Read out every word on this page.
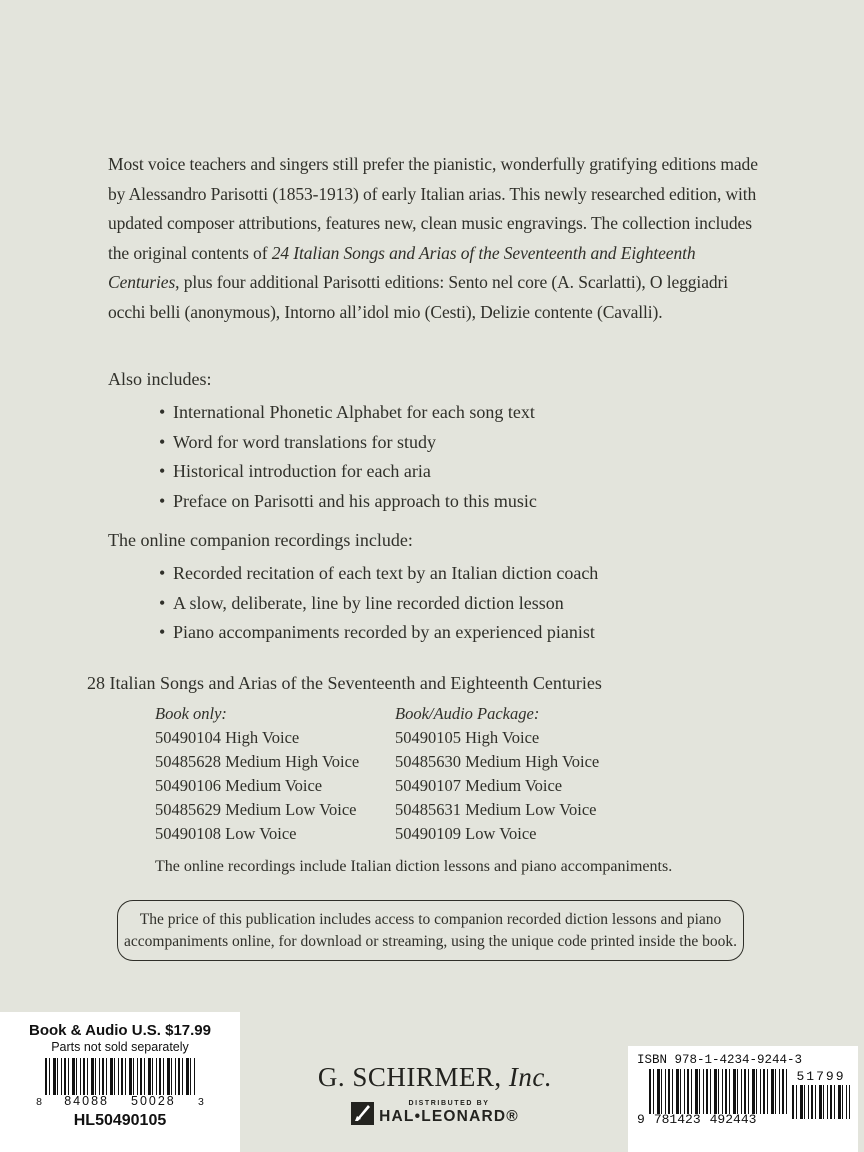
Most voice teachers and singers still prefer the pianistic, wonderfully gratifying editions made by Alessandro Parisotti (1853-1913) of early Italian arias. This newly researched edition, with updated composer attributions, features new, clean music engravings. The collection includes the original contents of 24 Italian Songs and Arias of the Seventeenth and Eighteenth Centuries, plus four additional Parisotti editions: Sento nel core (A. Scarlatti), O leggiadri occhi belli (anonymous), Intorno all’idol mio (Cesti), Delizie contente (Cavalli).

Also includes:
• International Phonetic Alphabet for each song text
• Word for word translations for study
• Historical introduction for each aria
• Preface on Parisotti and his approach to this music
The online companion recordings include:
• Recorded recitation of each text by an Italian diction coach
• A slow, deliberate, line by line recorded diction lesson
• Piano accompaniments recorded by an experienced pianist
28 Italian Songs and Arias of the Seventeenth and Eighteenth Centuries
Book only:
50490104 High Voice
50485628 Medium High Voice
50490106 Medium Voice
50485629 Medium Low Voice
50490108 Low Voice
Book/Audio Package:
50490105 High Voice
50485630 Medium High Voice
50490107 Medium Voice
50485631 Medium Low Voice
50490109 Low Voice
The online recordings include Italian diction lessons and piano accompaniments.
The price of this publication includes access to companion recorded diction lessons and piano
accompaniments online, for download or streaming, using the unique code printed inside the book.
Book & Audio U.S. $17.99
Parts not sold separately
8 84088 50028 3
HL50490105
G. SCHIRMER, Inc.
DISTRIBUTED BY
HAL•LEONARD®
ISBN 978-1-4234-9244-3
9 781423 492443
51799
